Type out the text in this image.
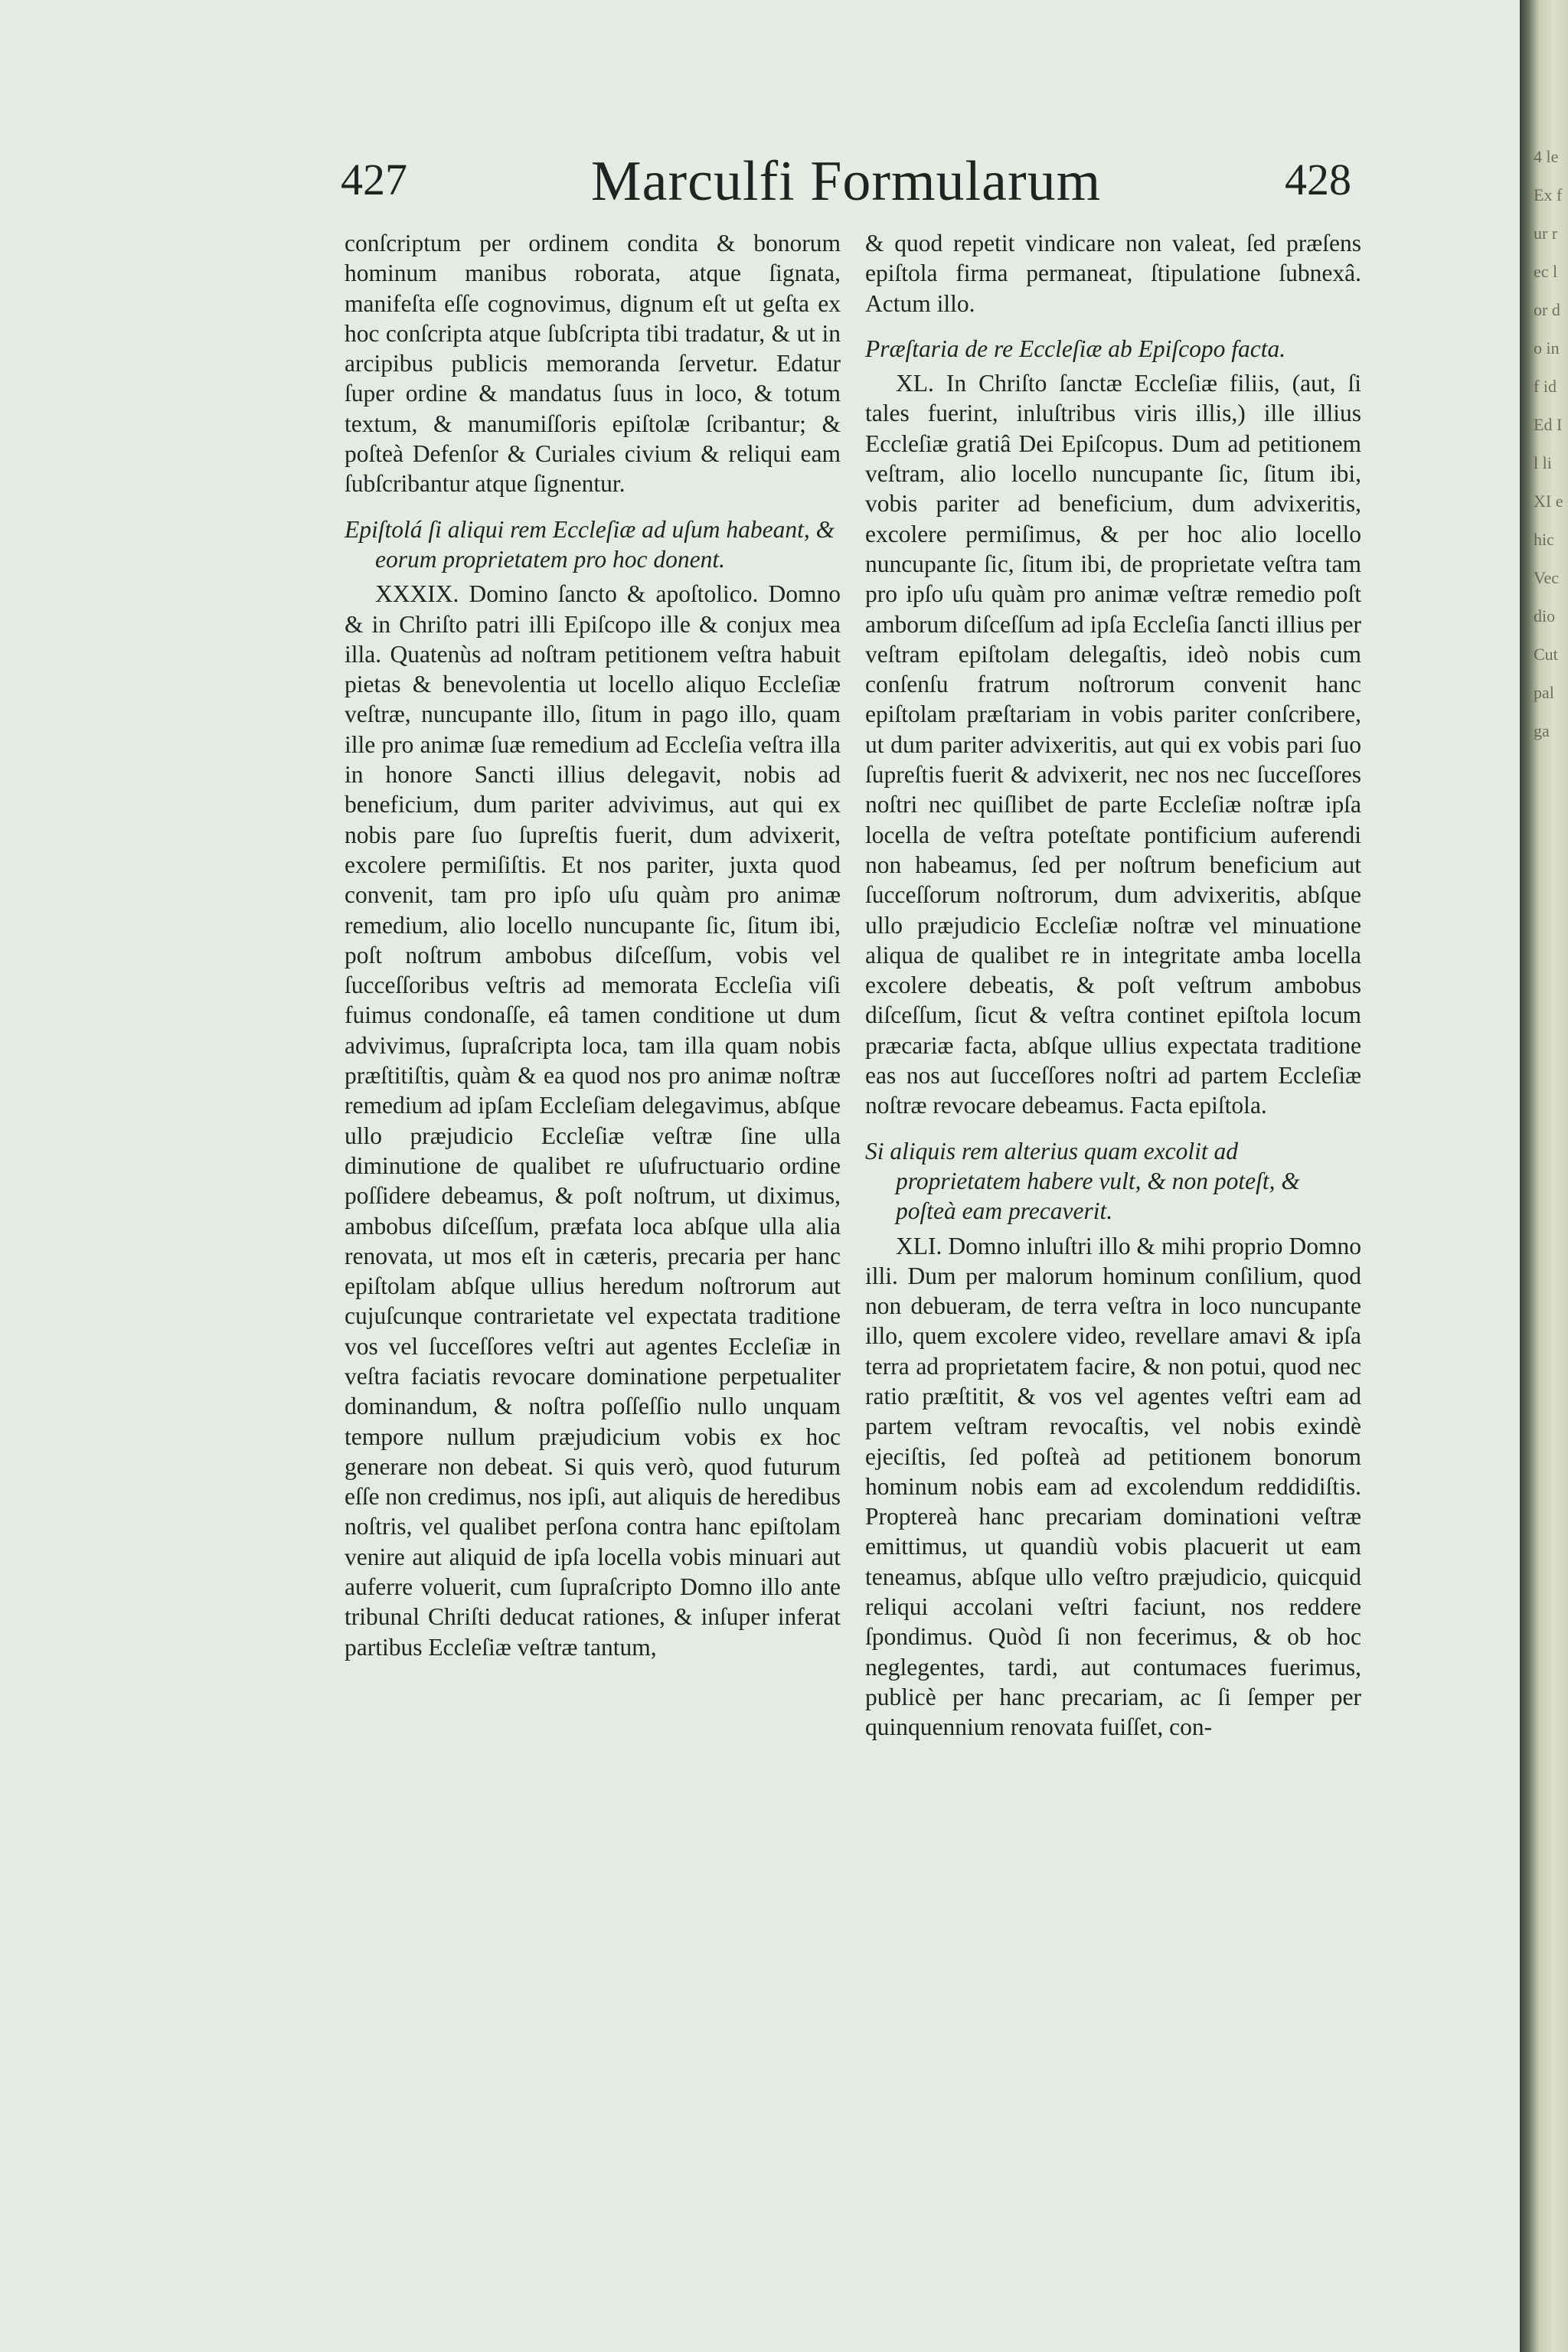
427	Marculfi Formularum	428

conſcriptum per ordinem condita & bonorum hominum manibus roborata, atque ſignata, manifeſta eſſe cognovimus, dignum eſt ut geſta ex hoc conſcripta atque ſubſcripta tibi tradatur, & ut in arcipibus publicis memoranda ſervetur. Edatur ſuper ordine & mandatus ſuus in loco, & totum textum, & manumiſſoris epiſtolæ ſcribantur; & poſteà Defenſor & Curiales civium & reliqui eam ſubſcribantur atque ſignentur.

Epiſtolá ſi aliqui rem Eccleſiæ ad uſum habeant, & eorum proprietatem pro hoc donent.

XXXIX. Domino ſancto & apoſtolico. Domno & in Chriſto patri illi Epiſcopo ille & conjux mea illa. Quatenùs ad noſtram petitionem veſtra habuit pietas & benevolentia ut locello aliquo Eccleſiæ veſtræ, nuncupante illo, ſitum in pago illo, quam ille pro animæ ſuæ remedium ad Eccleſia veſtra illa in honore Sancti illius delegavit, nobis ad beneficium, dum pariter advivimus, aut qui ex nobis pare ſuo ſupreſtis fuerit, dum advixerit, excolere permiſiſtis. Et nos pariter, juxta quod convenit, tam pro ipſo uſu quàm pro animæ remedium, alio locello nuncupante ſic, ſitum ibi, poſt noſtrum ambobus diſceſſum, vobis vel ſucceſſoribus veſtris ad memorata Eccleſia viſi fuimus condonaſſe, eâ tamen conditione ut dum advivimus, ſupraſcripta loca, tam illa quam nobis præſtitiſtis, quàm & ea quod nos pro animæ noſtræ remedium ad ipſam Eccleſiam delegavimus, abſque ullo præjudicio Eccleſiæ veſtræ ſine ulla diminutione de qualibet re uſufructuario ordine poſſidere debeamus, & poſt noſtrum, ut diximus, ambobus diſceſſum, præfata loca abſque ulla alia renovata, ut mos eſt in cæteris, precaria per hanc epiſtolam abſque ullius heredum noſtrorum aut cujuſcunque contrarietate vel expectata traditione vos vel ſucceſſores veſtri aut agentes Eccleſiæ in veſtra faciatis revocare dominatione perpetualiter dominandum, & noſtra poſſeſſio nullo unquam tempore nullum præjudicium vobis ex hoc generare non debeat. Si quis verò, quod futurum eſſe non credimus, nos ipſi, aut aliquis de heredibus noſtris, vel qualibet perſona contra hanc epiſtolam venire aut aliquid de ipſa locella vobis minuari aut auferre voluerit, cum ſupraſcripto Domno illo ante tribunal Chriſti deducat rationes, & inſuper inferat partibus Eccleſiæ veſtræ tantum,

& quod repetit vindicare non valeat, ſed præſens epiſtola firma permaneat, ſtipulatione ſubnexâ. Actum illo.

Præſtaria de re Eccleſiæ ab Epiſcopo facta.

XL. In Chriſto ſanctæ Eccleſiæ filiis, (aut, ſi tales fuerint, inluſtribus viris illis,) ille illius Eccleſiæ gratiâ Dei Epiſcopus. Dum ad petitionem veſtram, alio locello nuncupante ſic, ſitum ibi, vobis pariter ad beneficium, dum advixeritis, excolere permiſimus, & per hoc alio locello nuncupante ſic, ſitum ibi, de proprietate veſtra tam pro ipſo uſu quàm pro animæ veſtræ remedio poſt amborum diſceſſum ad ipſa Eccleſia ſancti illius per veſtram epiſtolam delegaſtis, ideò nobis cum conſenſu fratrum noſtrorum convenit hanc epiſtolam præſtariam in vobis pariter conſcribere, ut dum pariter advixeritis, aut qui ex vobis pari ſuo ſupreſtis fuerit & advixerit, nec nos nec ſucceſſores noſtri nec quiſlibet de parte Eccleſiæ noſtræ ipſa locella de veſtra poteſtate pontificium auferendi non habeamus, ſed per noſtrum beneficium aut ſucceſſorum noſtrorum, dum advixeritis, abſque ullo præjudicio Eccleſiæ noſtræ vel minuatione aliqua de qualibet re in integritate amba locella excolere debeatis, & poſt veſtrum ambobus diſceſſum, ſicut & veſtra continet epiſtola locum præcariæ facta, abſque ullius expectata traditione eas nos aut ſucceſſores noſtri ad partem Eccleſiæ noſtræ revocare debeamus. Facta epiſtola.

Si aliquis rem alterius quam excolit ad proprietatem habere vult, & non poteſt, & poſteà eam precaverit.

XLI. Domno inluſtri illo & mihi proprio Domno illi. Dum per malorum hominum conſilium, quod non debueram, de terra veſtra in loco nuncupante illo, quem excolere video, revellare amavi & ipſa terra ad proprietatem facire, & non potui, quod nec ratio præſtitit, & vos vel agentes veſtri eam ad partem veſtram revocaſtis, vel nobis exindè ejeciſtis, ſed poſteà ad petitionem bonorum hominum nobis eam ad excolendum reddidiſtis. Proptereà hanc precariam dominationi veſtræ emittimus, ut quandiù vobis placuerit ut eam teneamus, abſque ullo veſtro præjudicio, quicquid reliqui accolani veſtri faciunt, nos reddere ſpondimus. Quòd ſi non fecerimus, & ob hoc neglegentes, tardi, aut contumaces fuerimus, publicè per hanc precariam, ac ſi ſemper per quinquennium renovata fuiſſet, con-

4 le Ex fur rec lor do inf id Ed Il li XI ehic Vec dio Cut pal ga
